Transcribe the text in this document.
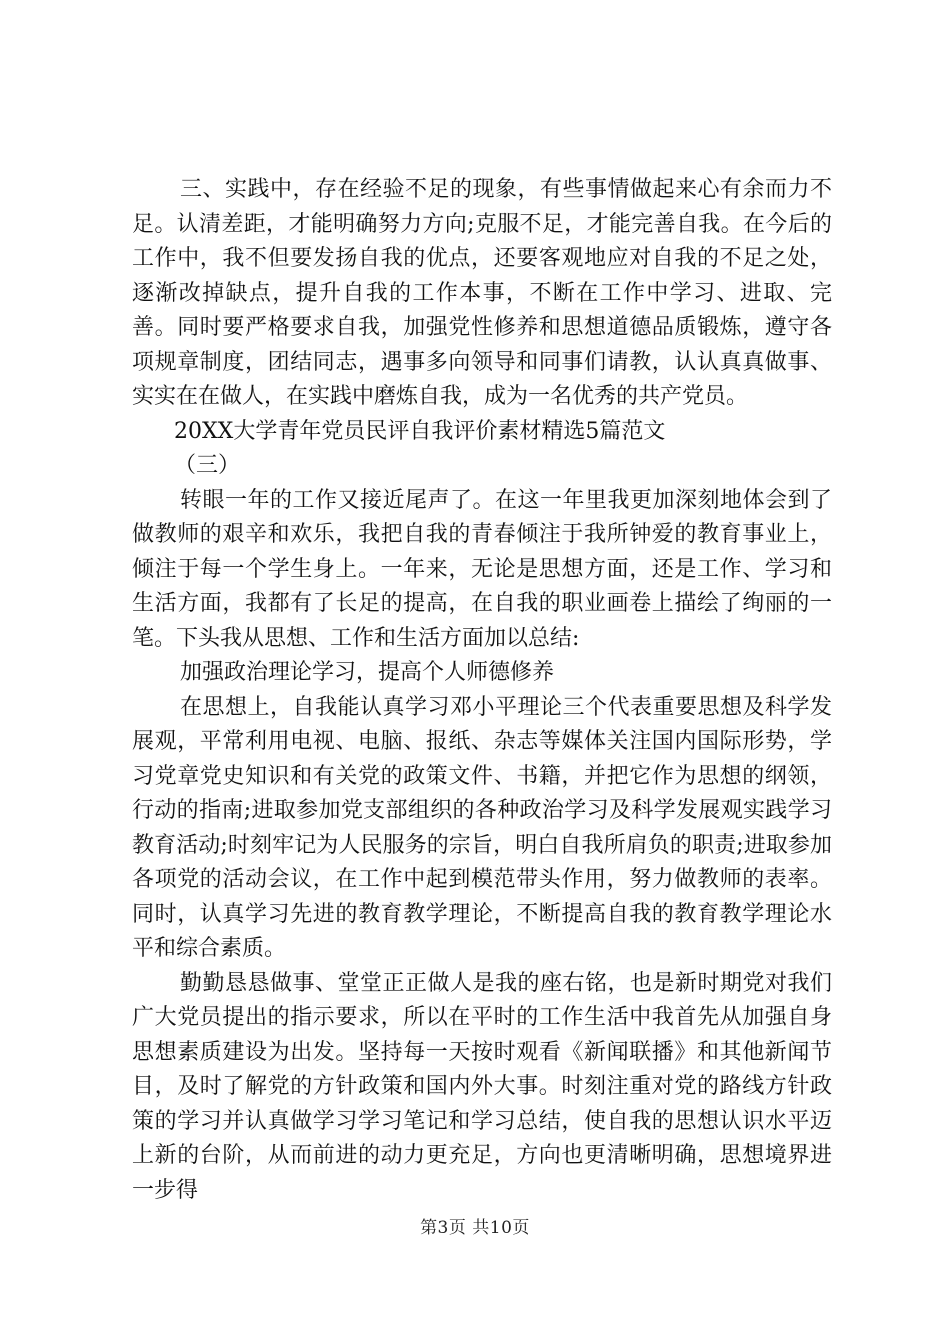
三、实践中，存在经验不足的现象，有些事情做起来心有余而力不足。认清差距，才能明确努力方向;克服不足，才能完善自我。在今后的工作中，我不但要发扬自我的优点，还要客观地应对自我的不足之处，逐渐改掉缺点，提升自我的工作本事，不断在工作中学习、进取、完善。同时要严格要求自我，加强党性修养和思想道德品质锻炼，遵守各项规章制度，团结同志，遇事多向领导和同事们请教，认认真真做事、实实在在做人，在实践中磨炼自我，成为一名优秀的共产党员。

20XX大学青年党员民评自我评价素材精选5篇范文

（三）

转眼一年的工作又接近尾声了。在这一年里我更加深刻地体会到了做教师的艰辛和欢乐，我把自我的青春倾注于我所钟爱的教育事业上，倾注于每一个学生身上。一年来，无论是思想方面，还是工作、学习和生活方面，我都有了长足的提高，在自我的职业画卷上描绘了绚丽的一笔。下头我从思想、工作和生活方面加以总结:

加强政治理论学习，提高个人师德修养

在思想上，自我能认真学习邓小平理论三个代表重要思想及科学发展观，平常利用电视、电脑、报纸、杂志等媒体关注国内国际形势，学习党章党史知识和有关党的政策文件、书籍，并把它作为思想的纲领，行动的指南;进取参加党支部组织的各种政治学习及科学发展观实践学习教育活动;时刻牢记为人民服务的宗旨，明白自我所肩负的职责;进取参加各项党的活动会议，在工作中起到模范带头作用，努力做教师的表率。同时，认真学习先进的教育教学理论，不断提高自我的教育教学理论水平和综合素质。

勤勤恳恳做事、堂堂正正做人是我的座右铭，也是新时期党对我们广大党员提出的指示要求，所以在平时的工作生活中我首先从加强自身思想素质建设为出发。坚持每一天按时观看《新闻联播》和其他新闻节目，及时了解党的方针政策和国内外大事。时刻注重对党的路线方针政策的学习并认真做学习学习笔记和学习总结，使自我的思想认识水平迈上新的台阶，从而前进的动力更充足，方向也更清晰明确，思想境界进一步得

第3页 共10页
